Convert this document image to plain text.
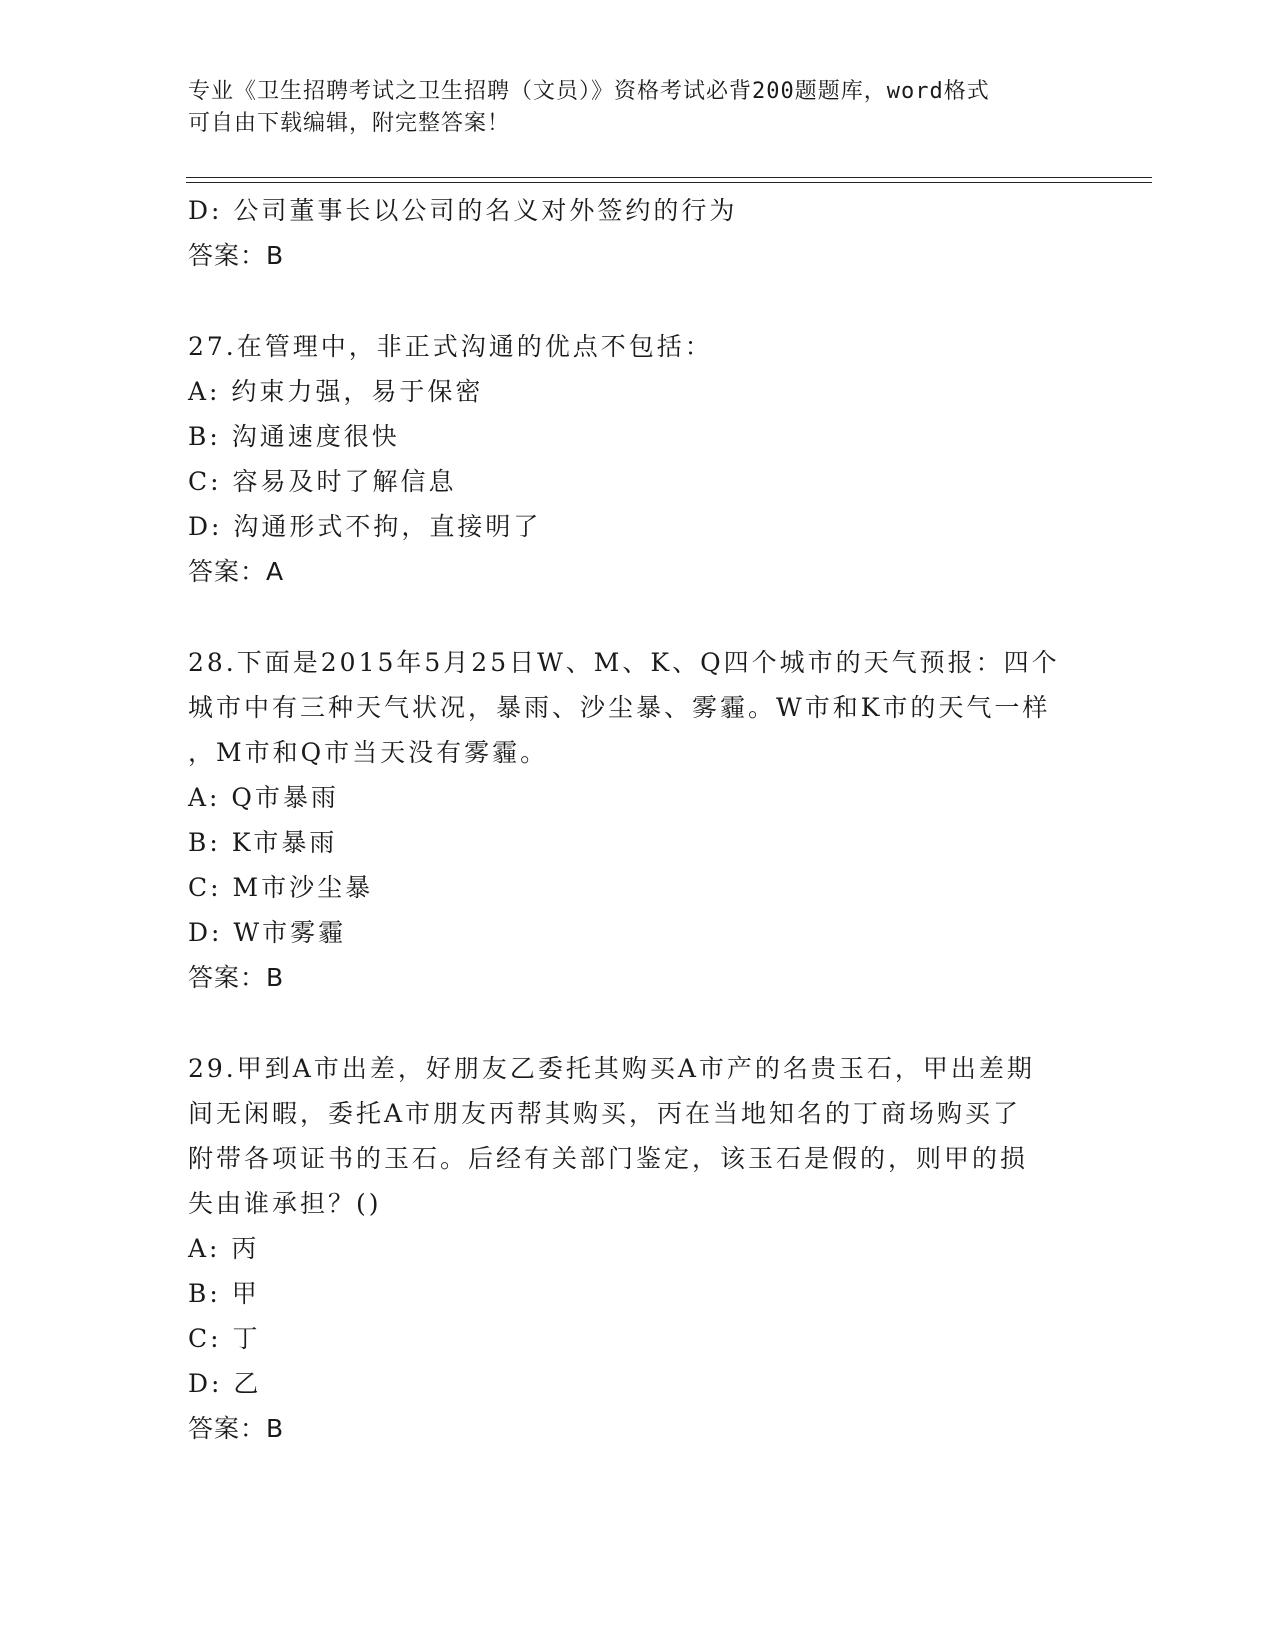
专业《卫生招聘考试之卫生招聘（文员）》资格考试必背200题题库，word格式
可自由下载编辑，附完整答案！
D: 公司董事长以公司的名义对外签约的行为
答案：B
27.在管理中，非正式沟通的优点不包括：
A: 约束力强，易于保密
B: 沟通速度很快
C: 容易及时了解信息
D: 沟通形式不拘，直接明了
答案：A
28.下面是2015年5月25日W、M、K、Q四个城市的天气预报：四个
城市中有三种天气状况，暴雨、沙尘暴、雾霾。W市和K市的天气一样
，M市和Q市当天没有雾霾。
A: Q市暴雨
B: K市暴雨
C: M市沙尘暴
D: W市雾霾
答案：B
29.甲到A市出差，好朋友乙委托其购买A市产的名贵玉石，甲出差期
间无闲暇，委托A市朋友丙帮其购买，丙在当地知名的丁商场购买了
附带各项证书的玉石。后经有关部门鉴定，该玉石是假的，则甲的损
失由谁承担？()
A: 丙
B: 甲
C: 丁
D: 乙
答案：B
